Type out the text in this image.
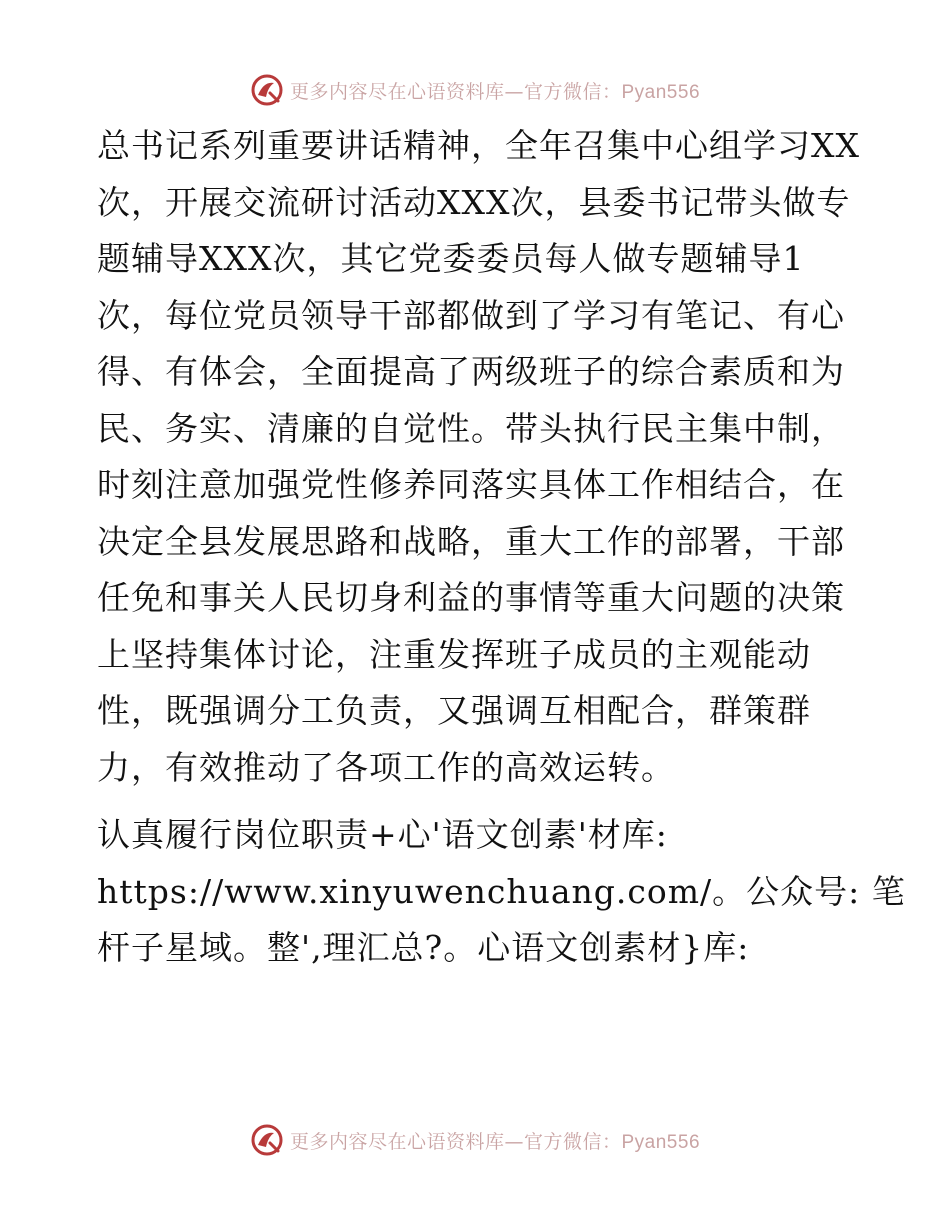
更多内容尽在心语资料库—官方微信：Pyan556
总书记系列重要讲话精神，全年召集中心组学习XX
次，开展交流研讨活动XXX次，县委书记带头做专
题辅导XXX次，其它党委委员每人做专题辅导1
次，每位党员领导干部都做到了学习有笔记、有心
得、有体会，全面提高了两级班子的综合素质和为
民、务实、清廉的自觉性。带头执行民主集中制，
时刻注意加强党性修养同落实具体工作相结合，在
决定全县发展思路和战略，重大工作的部署，干部
任免和事关人民切身利益的事情等重大问题的决策
上坚持集体讨论，注重发挥班子成员的主观能动
性，既强调分工负责，又强调互相配合，群策群
力，有效推动了各项工作的高效运转。
认真履行岗位职责+心'语文创素'材库:
https://www.xinyuwenchuang.com/。公众号: 笔
杆子星域。整',理汇总?。心语文创素材}库:
更多内容尽在心语资料库—官方微信：Pyan556
